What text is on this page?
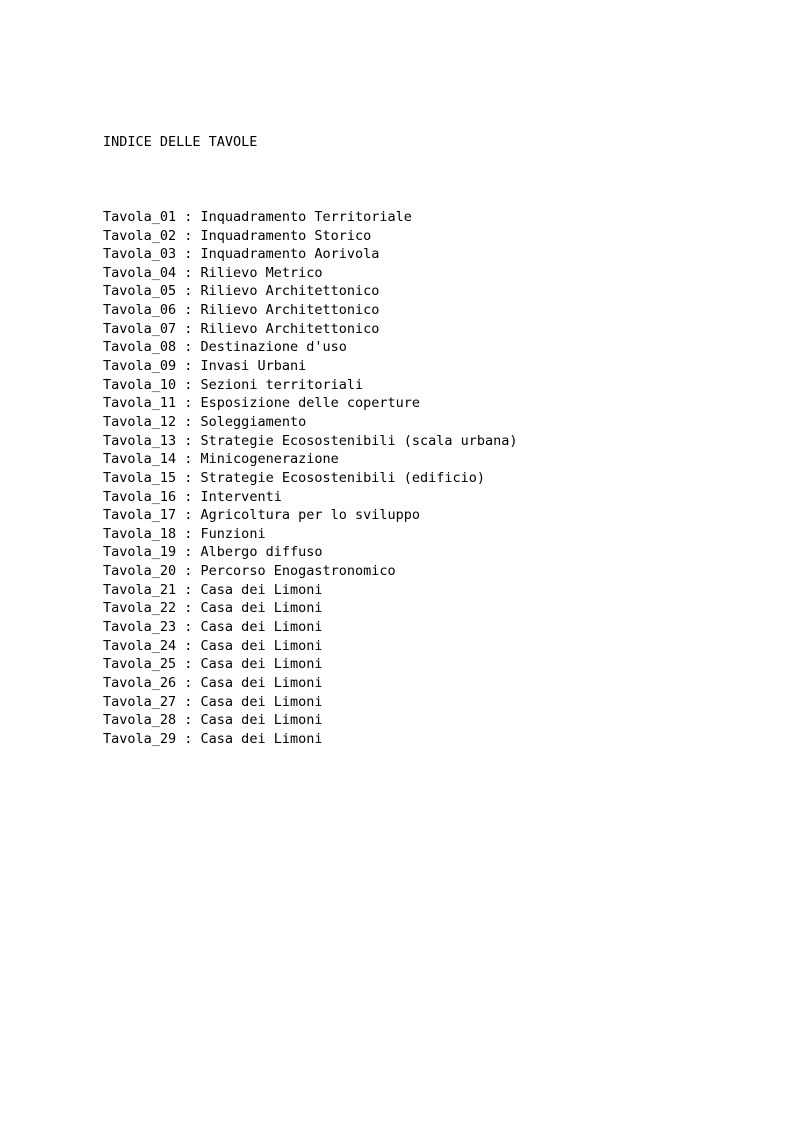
INDICE DELLE TAVOLE

Tavola_01 : Inquadramento Territoriale
Tavola_02 : Inquadramento Storico
Tavola_03 : Inquadramento Aorivola
Tavola_04 : Rilievo Metrico
Tavola_05 : Rilievo Architettonico
Tavola_06 : Rilievo Architettonico
Tavola_07 : Rilievo Architettonico
Tavola_08 : Destinazione d'uso
Tavola_09 : Invasi Urbani
Tavola_10 : Sezioni territoriali
Tavola_11 : Esposizione delle coperture
Tavola_12 : Soleggiamento
Tavola_13 : Strategie Ecosostenibili (scala urbana)
Tavola_14 : Minicogenerazione
Tavola_15 : Strategie Ecosostenibili (edificio)
Tavola_16 : Interventi
Tavola_17 : Agricoltura per lo sviluppo
Tavola_18 : Funzioni
Tavola_19 : Albergo diffuso
Tavola_20 : Percorso Enogastronomico
Tavola_21 : Casa dei Limoni
Tavola_22 : Casa dei Limoni
Tavola_23 : Casa dei Limoni
Tavola_24 : Casa dei Limoni
Tavola_25 : Casa dei Limoni
Tavola_26 : Casa dei Limoni
Tavola_27 : Casa dei Limoni
Tavola_28 : Casa dei Limoni
Tavola_29 : Casa dei Limoni
